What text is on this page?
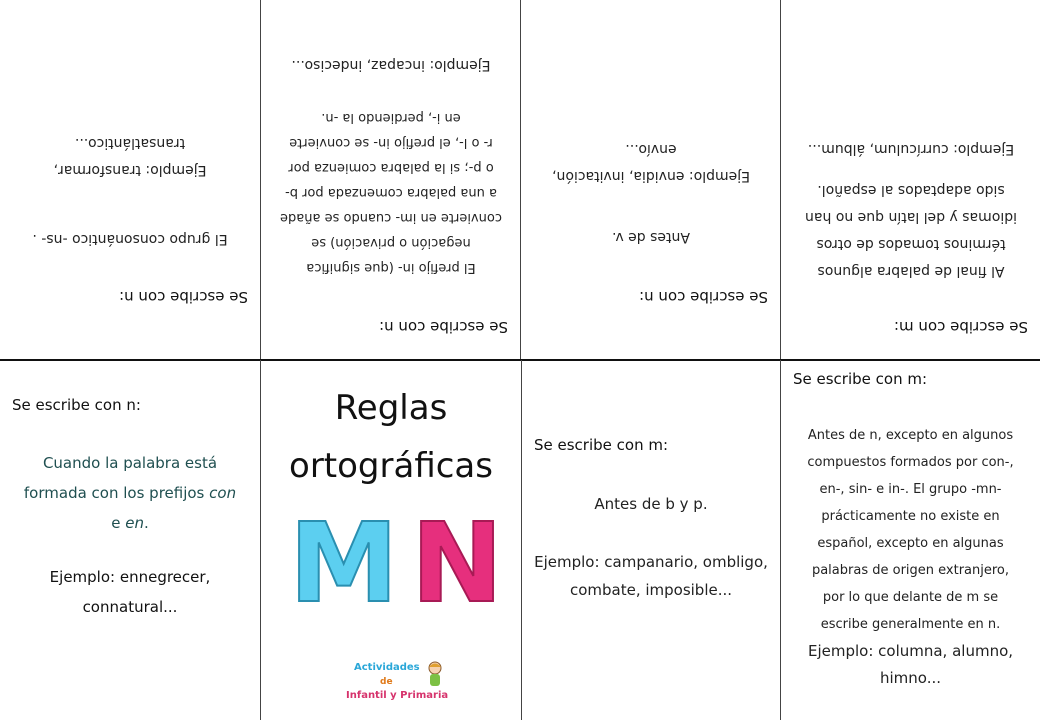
Se escribe con m:
Al final de palabra algunos
términos tomados de otros
idiomas y del latín que no han
sido adaptados al español.
Ejemplo: currículum, álbum...
Se escribe con n:
Antes de v.
Ejemplo: envidia, invitación,
envío...
Se escribe con n:
El prefijo in- (que significa
negación o privación) se
convierte en im- cuando se añade
a una palabra comenzada por b-
o p-; si la palabra comienza por
r- o l-, el prefijo in- se convierte
en i-, perdiendo la -n.
Ejemplo: incapaz, indeciso...
Se escribe con n:
El grupo consonántico -ns- .
Ejemplo: transformar,
transatlántico...
Se escribe con n:
Cuando la palabra está
formada con los prefijos con
e en.
Ejemplo: ennegrecer,
connatural...
Reglas
ortográficas
M N
Actividades
de
Infantil y Primaria
Se escribe con m:
Antes de b y p.
Ejemplo: campanario, ombligo,
combate, imposible...
Se escribe con m:
Antes de n, excepto en algunos
compuestos formados por con-,
en-, sin- e in-. El grupo -mn-
prácticamente no existe en
español, excepto en algunas
palabras de origen extranjero,
por lo que delante de m se
escribe generalmente en n.
Ejemplo: columna, alumno,
himno...
